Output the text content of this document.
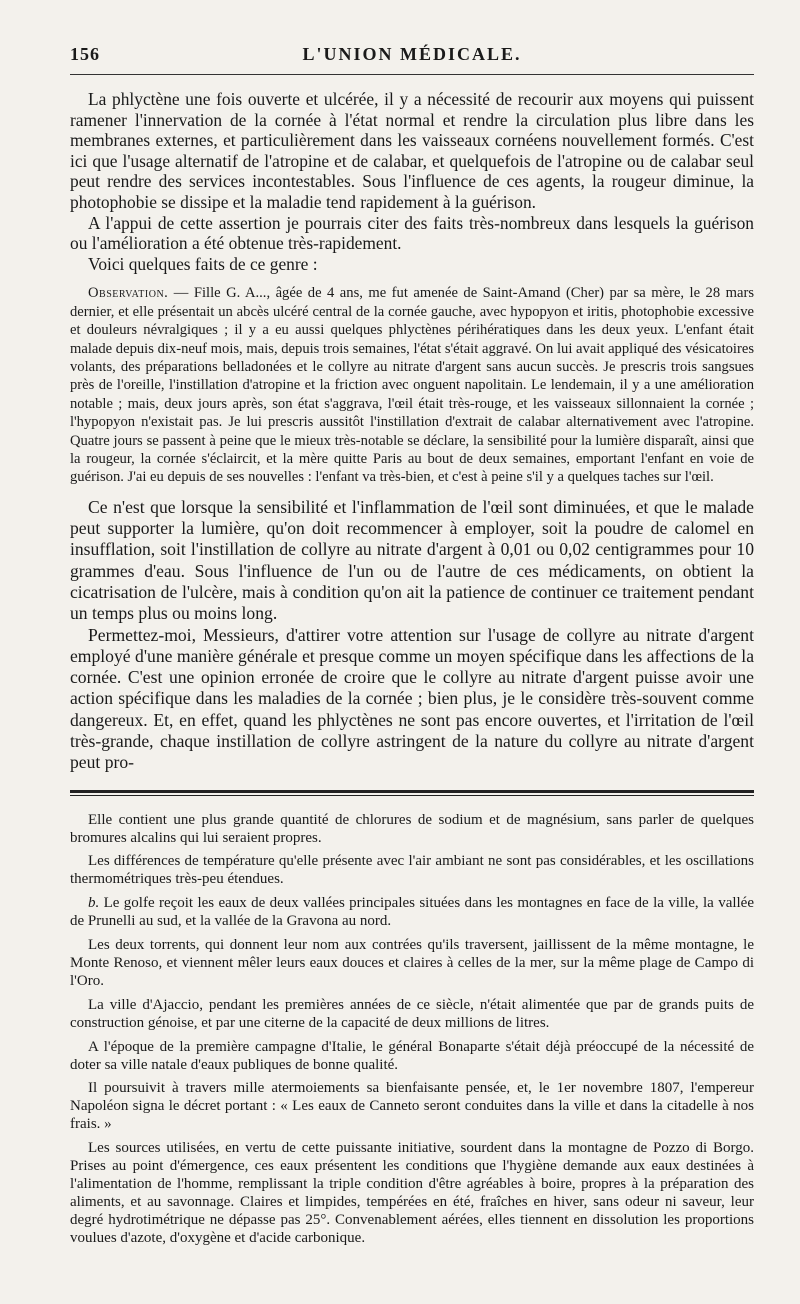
156	L'UNION MÉDICALE.

La phlyctène une fois ouverte et ulcérée, il y a nécessité de recourir aux moyens qui puissent ramener l'innervation de la cornée à l'état normal et rendre la circulation plus libre dans les membranes externes, et particulièrement dans les vaisseaux cornéens nouvellement formés. C'est ici que l'usage alternatif de l'atropine et de calabar, et quelquefois de l'atropine ou de calabar seul peut rendre des services incontestables. Sous l'influence de ces agents, la rougeur diminue, la photophobie se dissipe et la maladie tend rapidement à la guérison.

A l'appui de cette assertion je pourrais citer des faits très-nombreux dans lesquels la guérison ou l'amélioration a été obtenue très-rapidement.

Voici quelques faits de ce genre :

Observation. — Fille G. A..., âgée de 4 ans, me fut amenée de Saint-Amand (Cher) par sa mère, le 28 mars dernier, et elle présentait un abcès ulcéré central de la cornée gauche, avec hypopyon et iritis, photophobie excessive et douleurs névralgiques ; il y a eu aussi quelques phlyctènes périhératiques dans les deux yeux. L'enfant était malade depuis dix-neuf mois, mais, depuis trois semaines, l'état s'était aggravé. On lui avait appliqué des vésicatoires volants, des préparations belladonées et le collyre au nitrate d'argent sans aucun succès. Je prescris trois sangsues près de l'oreille, l'instillation d'atropine et la friction avec onguent napolitain. Le lendemain, il y a une amélioration notable ; mais, deux jours après, son état s'aggrava, l'œil était très-rouge, et les vaisseaux sillonnaient la cornée ; l'hypopyon n'existait pas. Je lui prescris aussitôt l'instillation d'extrait de calabar alternativement avec l'atropine. Quatre jours se passent à peine que le mieux très-notable se déclare, la sensibilité pour la lumière disparaît, ainsi que la rougeur, la cornée s'éclaircit, et la mère quitte Paris au bout de deux semaines, emportant l'enfant en voie de guérison. J'ai eu depuis de ses nouvelles : l'enfant va très-bien, et c'est à peine s'il y a quelques taches sur l'œil.

Ce n'est que lorsque la sensibilité et l'inflammation de l'œil sont diminuées, et que le malade peut supporter la lumière, qu'on doit recommencer à employer, soit la poudre de calomel en insufflation, soit l'instillation de collyre au nitrate d'argent à 0,01 ou 0,02 centigrammes pour 10 grammes d'eau. Sous l'influence de l'un ou de l'autre de ces médicaments, on obtient la cicatrisation de l'ulcère, mais à condition qu'on ait la patience de continuer ce traitement pendant un temps plus ou moins long.

Permettez-moi, Messieurs, d'attirer votre attention sur l'usage de collyre au nitrate d'argent employé d'une manière générale et presque comme un moyen spécifique dans les affections de la cornée. C'est une opinion erronée de croire que le collyre au nitrate d'argent puisse avoir une action spécifique dans les maladies de la cornée ; bien plus, je le considère très-souvent comme dangereux. Et, en effet, quand les phlyctènes ne sont pas encore ouvertes, et l'irritation de l'œil très-grande, chaque instillation de collyre astringent de la nature du collyre au nitrate d'argent peut pro-

Elle contient une plus grande quantité de chlorures de sodium et de magnésium, sans parler de quelques bromures alcalins qui lui seraient propres.

Les différences de température qu'elle présente avec l'air ambiant ne sont pas considérables, et les oscillations thermométriques très-peu étendues.

b. Le golfe reçoit les eaux de deux vallées principales situées dans les montagnes en face de la ville, la vallée de Prunelli au sud, et la vallée de la Gravona au nord.

Les deux torrents, qui donnent leur nom aux contrées qu'ils traversent, jaillissent de la même montagne, le Monte Renoso, et viennent mêler leurs eaux douces et claires à celles de la mer, sur la même plage de Campo di l'Oro.

La ville d'Ajaccio, pendant les premières années de ce siècle, n'était alimentée que par de grands puits de construction génoise, et par une citerne de la capacité de deux millions de litres.

A l'époque de la première campagne d'Italie, le général Bonaparte s'était déjà préoccupé de la nécessité de doter sa ville natale d'eaux publiques de bonne qualité.

Il poursuivit à travers mille atermoiements sa bienfaisante pensée, et, le 1er novembre 1807, l'empereur Napoléon signa le décret portant : « Les eaux de Canneto seront conduites dans la ville et dans la citadelle à nos frais. »

Les sources utilisées, en vertu de cette puissante initiative, sourdent dans la montagne de Pozzo di Borgo. Prises au point d'émergence, ces eaux présentent les conditions que l'hygiène demande aux eaux destinées à l'alimentation de l'homme, remplissant la triple condition d'être agréables à boire, propres à la préparation des aliments, et au savonnage. Claires et limpides, tempérées en été, fraîches en hiver, sans odeur ni saveur, leur degré hydrotimétrique ne dépasse pas 25°. Convenablement aérées, elles tiennent en dissolution les proportions voulues d'azote, d'oxygène et d'acide carbonique.
